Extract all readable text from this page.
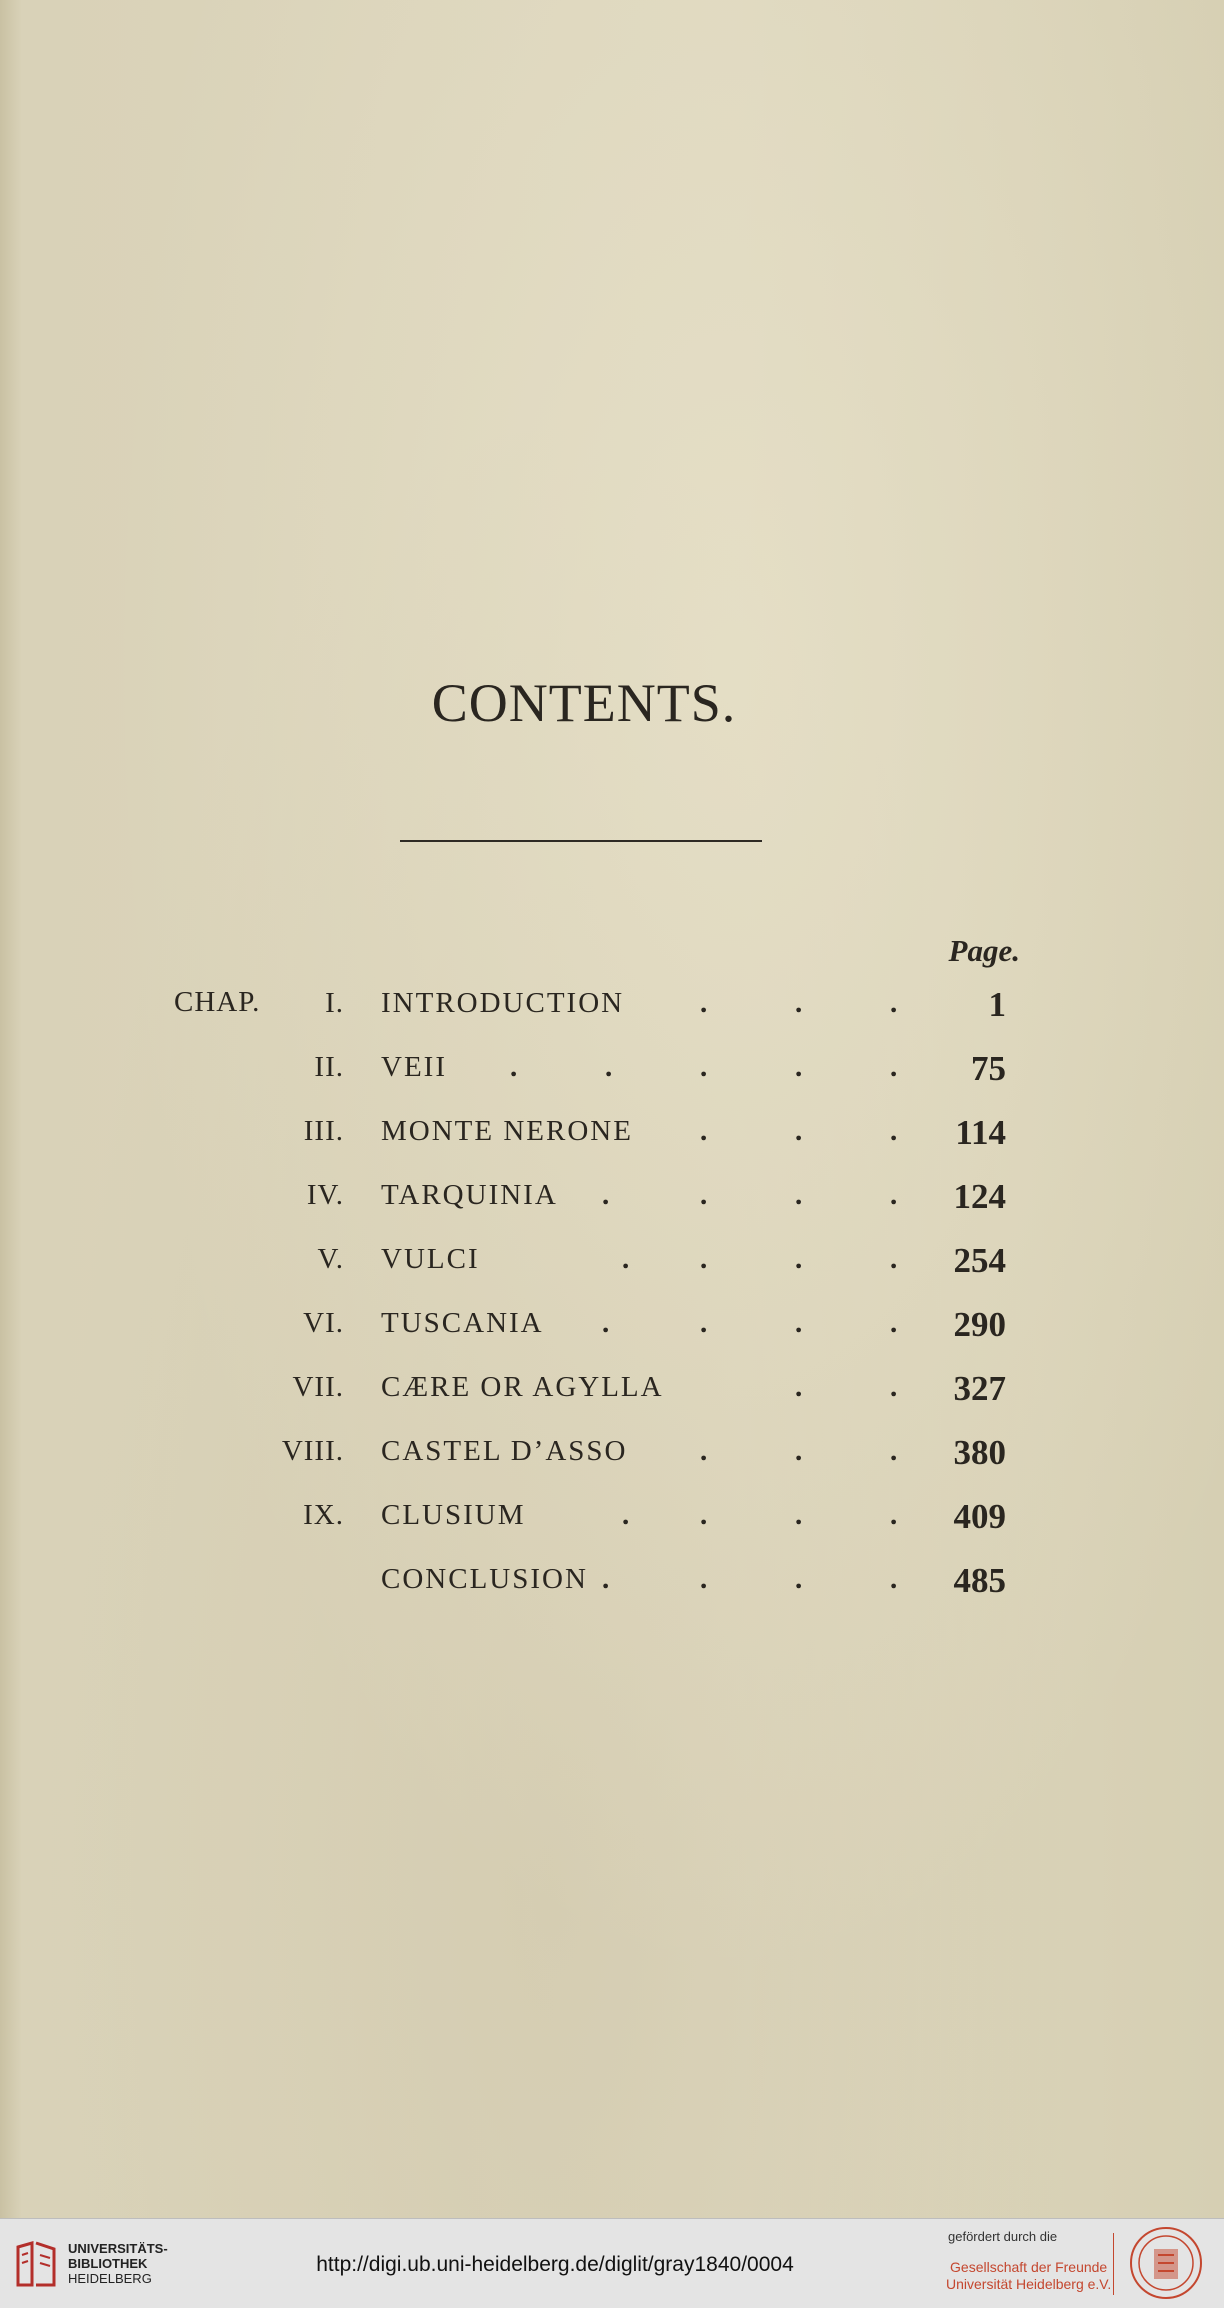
CONTENTS.
Page.
CHAP. I. INTRODUCTION	.	.	.	1
II. VEII .	.	.	.	. 75
III. MONTE NERONE .	.	. 114
IV. TARQUINIA .	.	.	. 124
V. VULCI	. .	.	. 254
VI. TUSCANIA .	.	.	. 290
VII. CÆRE OR AGYLLA	.	. 327
VIII. CASTEL D’ASSO	.	.	. 380
IX. CLUSIUM	. .	.	. 409
CONCLUSION .	.	.	. 485
UNIVERSITÄTS-
BIBLIOTHEK
HEIDELBERG
http://digi.ub.uni-heidelberg.de/diglit/gray1840/0004
gefördert durch die
Gesellschaft der Freunde
Universität Heidelberg e.V.
